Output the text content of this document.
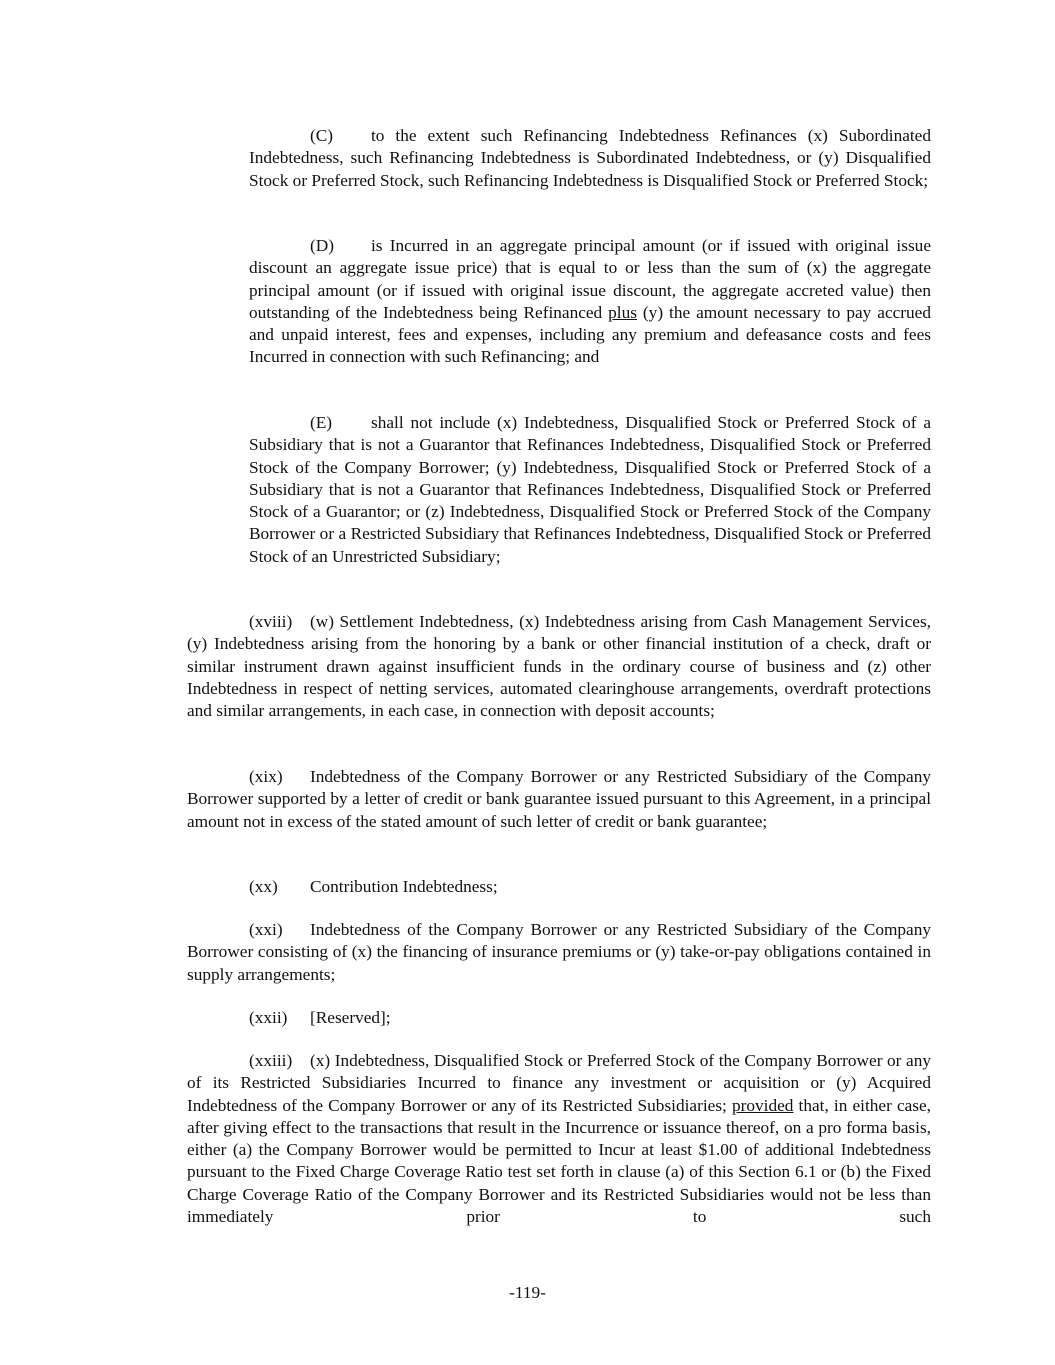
(C) to the extent such Refinancing Indebtedness Refinances (x) Subordinated Indebtedness, such Refinancing Indebtedness is Subordinated Indebtedness, or (y) Disqualified Stock or Preferred Stock, such Refinancing Indebtedness is Disqualified Stock or Preferred Stock;

(D) is Incurred in an aggregate principal amount (or if issued with original issue discount an aggregate issue price) that is equal to or less than the sum of (x) the aggregate principal amount (or if issued with original issue discount, the aggregate accreted value) then outstanding of the Indebtedness being Refinanced plus (y) the amount necessary to pay accrued and unpaid interest, fees and expenses, including any premium and defeasance costs and fees Incurred in connection with such Refinancing; and

(E) shall not include (x) Indebtedness, Disqualified Stock or Preferred Stock of a Subsidiary that is not a Guarantor that Refinances Indebtedness, Disqualified Stock or Preferred Stock of the Company Borrower; (y) Indebtedness, Disqualified Stock or Preferred Stock of a Subsidiary that is not a Guarantor that Refinances Indebtedness, Disqualified Stock or Preferred Stock of a Guarantor; or (z) Indebtedness, Disqualified Stock or Preferred Stock of the Company Borrower or a Restricted Subsidiary that Refinances Indebtedness, Disqualified Stock or Preferred Stock of an Unrestricted Subsidiary;

(xviii) (w) Settlement Indebtedness, (x) Indebtedness arising from Cash Management Services, (y) Indebtedness arising from the honoring by a bank or other financial institution of a check, draft or similar instrument drawn against insufficient funds in the ordinary course of business and (z) other Indebtedness in respect of netting services, automated clearinghouse arrangements, overdraft protections and similar arrangements, in each case, in connection with deposit accounts;

(xix) Indebtedness of the Company Borrower or any Restricted Subsidiary of the Company Borrower supported by a letter of credit or bank guarantee issued pursuant to this Agreement, in a principal amount not in excess of the stated amount of such letter of credit or bank guarantee;

(xx) Contribution Indebtedness;

(xxi) Indebtedness of the Company Borrower or any Restricted Subsidiary of the Company Borrower consisting of (x) the financing of insurance premiums or (y) take-or-pay obligations contained in supply arrangements;

(xxii) [Reserved];

(xxiii) (x) Indebtedness, Disqualified Stock or Preferred Stock of the Company Borrower or any of its Restricted Subsidiaries Incurred to finance any investment or acquisition or (y) Acquired Indebtedness of the Company Borrower or any of its Restricted Subsidiaries; provided that, in either case, after giving effect to the transactions that result in the Incurrence or issuance thereof, on a pro forma basis, either (a) the Company Borrower would be permitted to Incur at least $1.00 of additional Indebtedness pursuant to the Fixed Charge Coverage Ratio test set forth in clause (a) of this Section 6.1 or (b) the Fixed Charge Coverage Ratio of the Company Borrower and its Restricted Subsidiaries would not be less than immediately prior to such

-119-
